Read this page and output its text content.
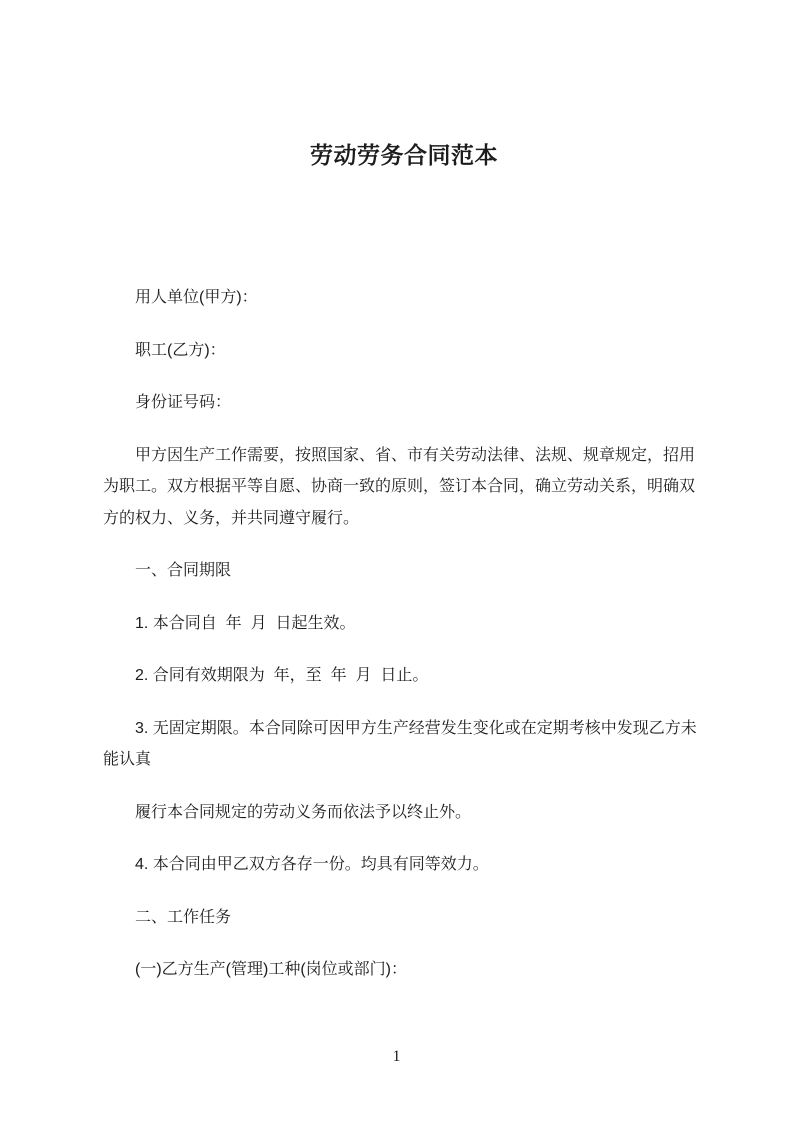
劳动劳务合同范本

用人单位(甲方)：

职工(乙方)：

身份证号码：

甲方因生产工作需要，按照国家、省、市有关劳动法律、法规、规章规定，招用为职工。双方根据平等自愿、协商一致的原则，签订本合同，确立劳动关系，明确双方的权力、义务，并共同遵守履行。

一、合同期限

1. 本合同自  年  月  日起生效。

2. 合同有效期限为  年，至  年  月  日止。

3. 无固定期限。本合同除可因甲方生产经营发生变化或在定期考核中发现乙方未能认真

履行本合同规定的劳动义务而依法予以终止外。

4. 本合同由甲乙双方各存一份。均具有同等效力。

二、工作任务

(一)乙方生产(管理)工种(岗位或部门)：

1
